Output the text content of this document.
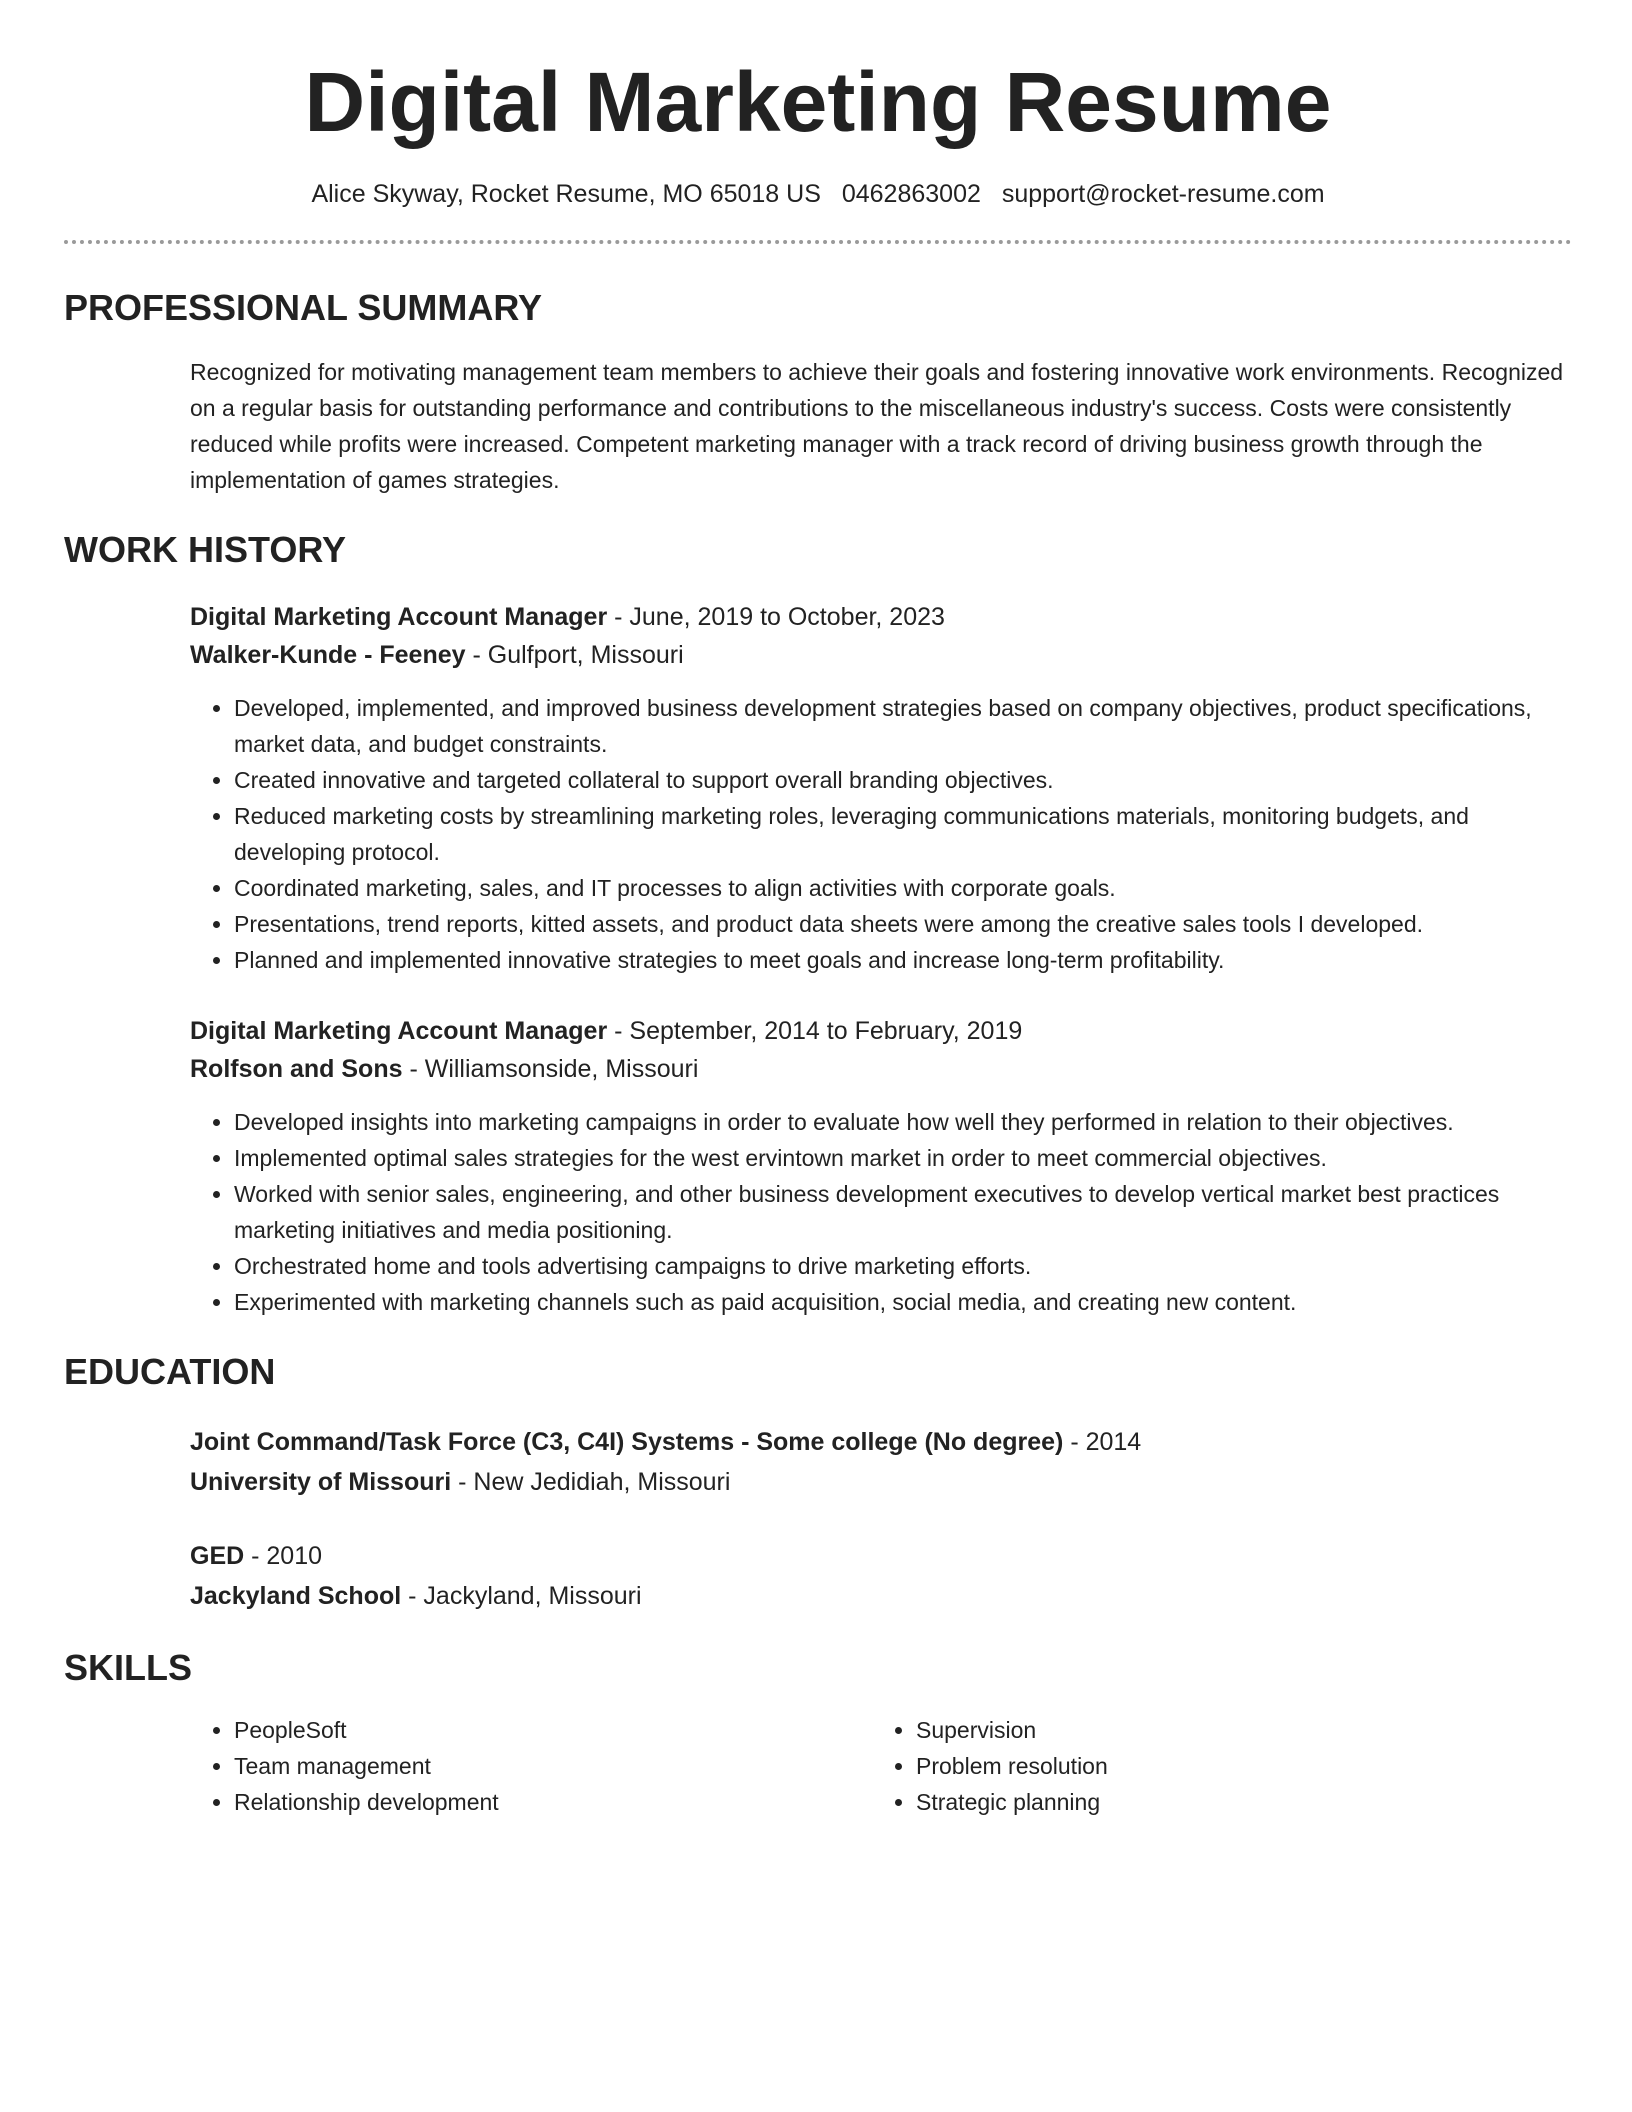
Digital Marketing Resume
Alice Skyway, Rocket Resume, MO 65018 US 0462863002 support@rocket-resume.com
PROFESSIONAL SUMMARY

Recognized for motivating management team members to achieve their goals and fostering innovative work environments. Recognized on a regular basis for outstanding performance and contributions to the miscellaneous industry's success. Costs were consistently reduced while profits were increased. Competent marketing manager with a track record of driving business growth through the implementation of games strategies.

WORK HISTORY
Digital Marketing Account Manager - June, 2019 to October, 2023
Walker-Kunde - Feeney - Gulfport, Missouri
• Developed, implemented, and improved business development strategies based on company objectives, product specifications, market data, and budget constraints.
• Created innovative and targeted collateral to support overall branding objectives.
• Reduced marketing costs by streamlining marketing roles, leveraging communications materials, monitoring budgets, and developing protocol.
• Coordinated marketing, sales, and IT processes to align activities with corporate goals.
• Presentations, trend reports, kitted assets, and product data sheets were among the creative sales tools I developed.
• Planned and implemented innovative strategies to meet goals and increase long-term profitability.
Digital Marketing Account Manager - September, 2014 to February, 2019
Rolfson and Sons - Williamsonside, Missouri
• Developed insights into marketing campaigns in order to evaluate how well they performed in relation to their objectives.
• Implemented optimal sales strategies for the west ervintown market in order to meet commercial objectives.
• Worked with senior sales, engineering, and other business development executives to develop vertical market best practices marketing initiatives and media positioning.
• Orchestrated home and tools advertising campaigns to drive marketing efforts.
• Experimented with marketing channels such as paid acquisition, social media, and creating new content.
EDUCATION
Joint Command/Task Force (C3, C4I) Systems - Some college (No degree) - 2014
University of Missouri - New Jedidiah, Missouri
GED - 2010
Jackyland School - Jackyland, Missouri
SKILLS
• PeopleSoft
• Team management
• Relationship development
• Supervision
• Problem resolution
• Strategic planning
